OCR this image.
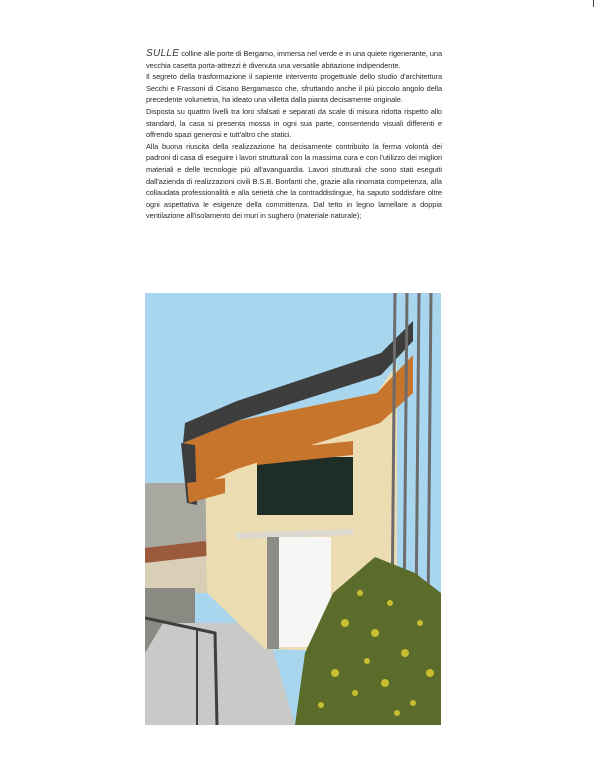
SULLE colline alle porte di Bergamo, immersa nel verde e in una quiete rigenerante, una vecchia casetta porta-attrezzi è divenuta una versatile abitazione indipendente.

Il segreto della trasformazione il sapiente intervento progettuale dello studio d'architettura Secchi e Frassoni di Cisano Bergamasco che, sfruttando anche il più piccolo angolo della precedente volumetria, ha ideato una villetta dalla pianta decisamente originale.

Disposta su quattro livelli tra loro sfalsati e separati da scale di misura ridotta rispetto allo standard, la casa si presenta mossa in ogni sua parte, consentendo visuali differenti e offrendo spazi generosi e tutt'altro che statici.

Alla buona riuscita della realizzazione ha decisamente contribuito la ferma volontà dei padroni di casa di eseguire i lavori strutturali con la massima cura e con l'utilizzo dei migliori materiali e delle tecnologie più all'avanguardia. Lavori strutturali che sono stati eseguiti dall'azienda di realizzazioni civili B.S.B. Bonfanti che, grazie alla rinomata competenza, alla collaudata professionalità e alla serietà che la contraddistingue, ha saputo soddisfare oltre ogni aspettativa le esigenze della committenza. Dal tetto in legno lamellare a doppia ventilazione all'isolamento dei muri in sughero (materiale naturale);
